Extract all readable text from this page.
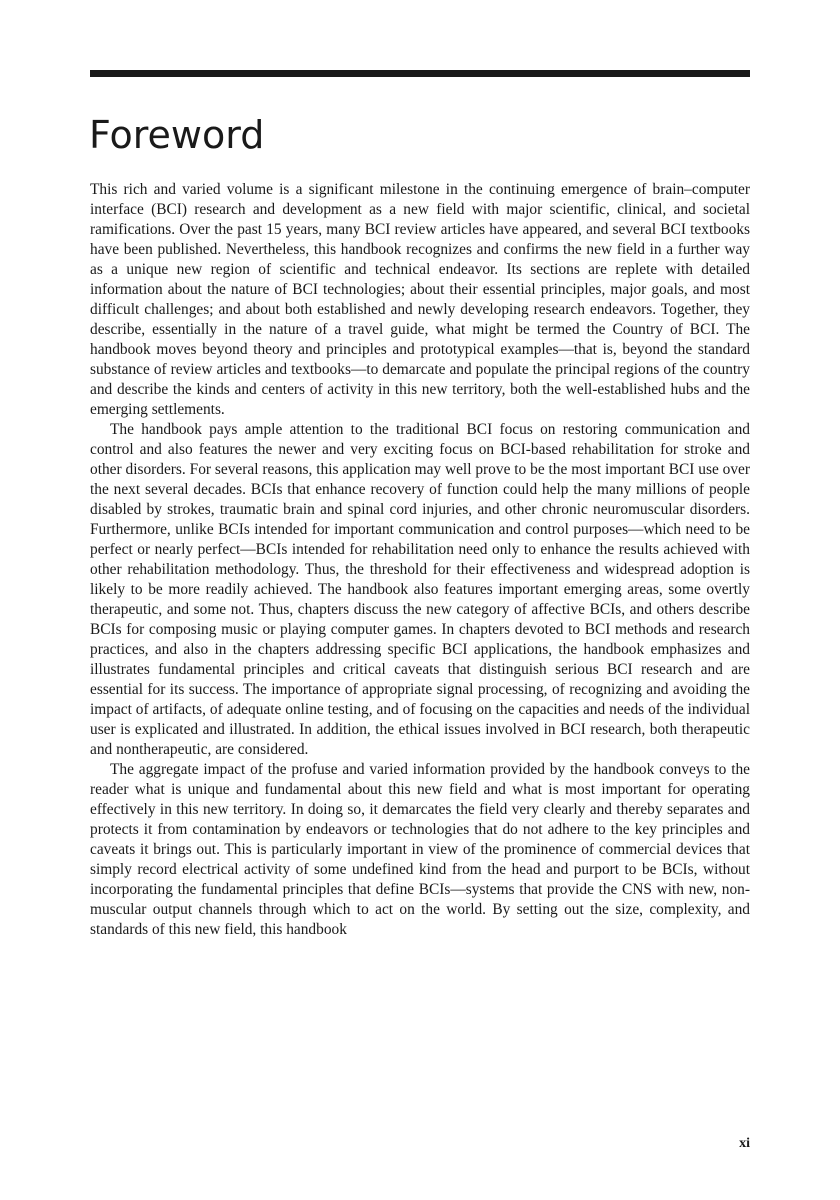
Foreword

This rich and varied volume is a significant milestone in the continuing emergence of brain–computer interface (BCI) research and development as a new field with major scientific, clinical, and societal ramifications. Over the past 15 years, many BCI review articles have appeared, and several BCI textbooks have been published. Nevertheless, this handbook recognizes and confirms the new field in a further way as a unique new region of scientific and technical endeavor. Its sections are replete with detailed information about the nature of BCI technologies; about their essential principles, major goals, and most difficult challenges; and about both established and newly developing research endeavors. Together, they describe, essentially in the nature of a travel guide, what might be termed the Country of BCI. The handbook moves beyond theory and principles and prototypical examples—that is, beyond the standard substance of review articles and textbooks—to demarcate and populate the principal regions of the country and describe the kinds and centers of activity in this new territory, both the well-established hubs and the emerging settlements.

The handbook pays ample attention to the traditional BCI focus on restoring communication and control and also features the newer and very exciting focus on BCI-based rehabilitation for stroke and other disorders. For several reasons, this application may well prove to be the most important BCI use over the next several decades. BCIs that enhance recovery of function could help the many millions of people disabled by strokes, traumatic brain and spinal cord injuries, and other chronic neuromuscular disorders. Furthermore, unlike BCIs intended for important communication and control purposes—which need to be perfect or nearly perfect—BCIs intended for rehabilitation need only to enhance the results achieved with other rehabilitation methodology. Thus, the threshold for their effectiveness and widespread adoption is likely to be more readily achieved. The handbook also features important emerging areas, some overtly therapeutic, and some not. Thus, chapters discuss the new category of affective BCIs, and others describe BCIs for composing music or playing computer games. In chapters devoted to BCI methods and research practices, and also in the chapters addressing specific BCI applications, the handbook emphasizes and illustrates fundamental principles and critical caveats that distinguish serious BCI research and are essential for its success. The importance of appropriate signal processing, of recognizing and avoiding the impact of artifacts, of adequate online testing, and of focusing on the capacities and needs of the individual user is explicated and illustrated. In addition, the ethical issues involved in BCI research, both therapeutic and nontherapeutic, are considered.

The aggregate impact of the profuse and varied information provided by the handbook conveys to the reader what is unique and fundamental about this new field and what is most important for operating effectively in this new territory. In doing so, it demarcates the field very clearly and thereby separates and protects it from contamination by endeavors or technologies that do not adhere to the key principles and caveats it brings out. This is particularly important in view of the prominence of commercial devices that simply record electrical activity of some undefined kind from the head and purport to be BCIs, without incorporating the fundamental principles that define BCIs—systems that provide the CNS with new, non-muscular output channels through which to act on the world. By setting out the size, complexity, and standards of this new field, this handbook

xi
